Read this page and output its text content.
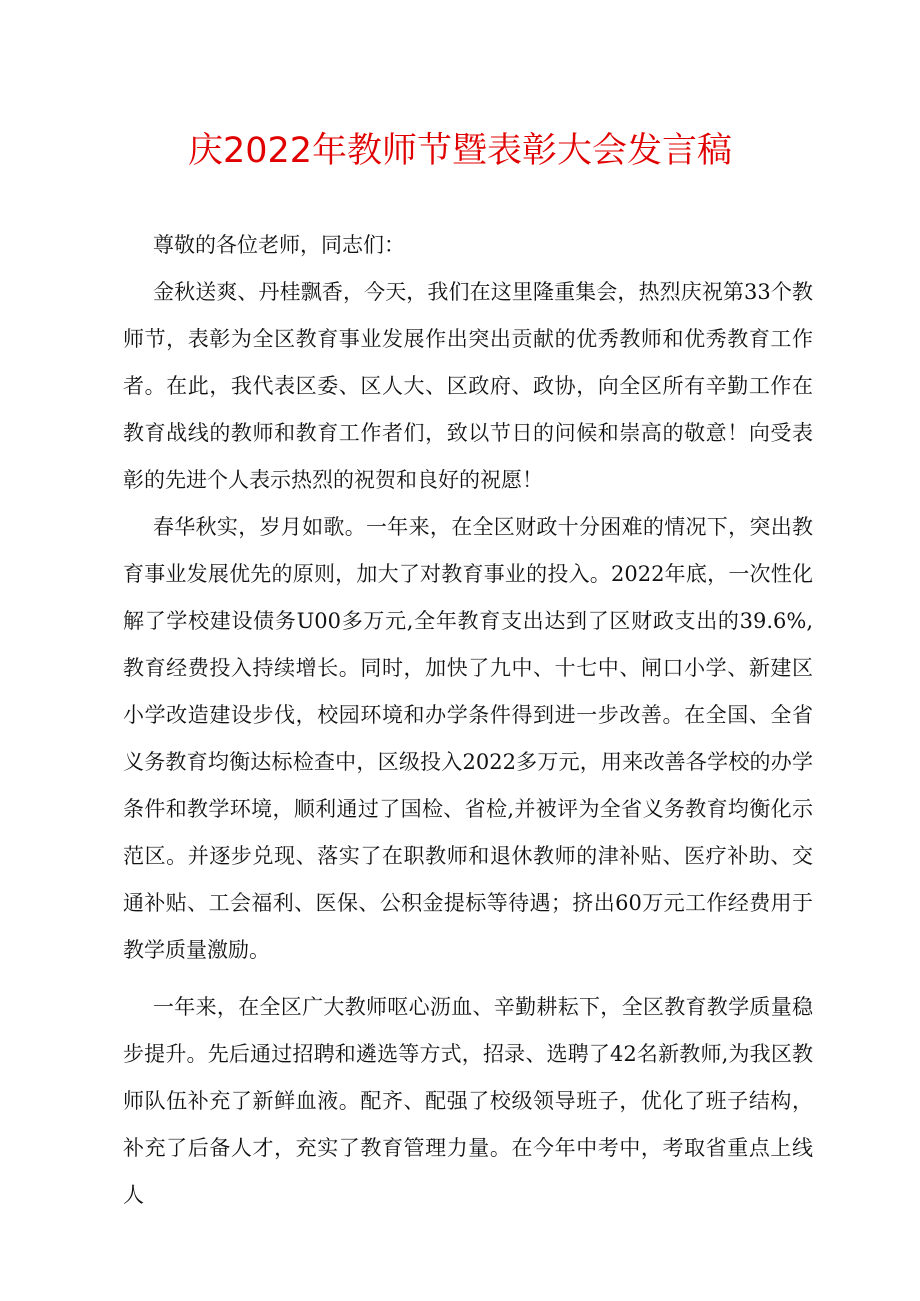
庆2022年教师节暨表彰大会发言稿

尊敬的各位老师，同志们：

金秋送爽、丹桂飘香，今天，我们在这里隆重集会，热烈庆祝第33个教师节，表彰为全区教育事业发展作出突出贡献的优秀教师和优秀教育工作者。在此，我代表区委、区人大、区政府、政协，向全区所有辛勤工作在教育战线的教师和教育工作者们，致以节日的问候和崇高的敬意！向受表彰的先进个人表示热烈的祝贺和良好的祝愿！

春华秋实，岁月如歌。一年来，在全区财政十分困难的情况下，突出教育事业发展优先的原则，加大了对教育事业的投入。2022年底，一次性化解了学校建设债务U00多万元,全年教育支出达到了区财政支出的39.6%,教育经费投入持续增长。同时，加快了九中、十七中、闸口小学、新建区小学改造建设步伐，校园环境和办学条件得到进一步改善。在全国、全省义务教育均衡达标检查中，区级投入2022多万元，用来改善各学校的办学条件和教学环境，顺利通过了国检、省检,并被评为全省义务教育均衡化示范区。并逐步兑现、落实了在职教师和退休教师的津补贴、医疗补助、交通补贴、工会福利、医保、公积金提标等待遇；挤出60万元工作经费用于教学质量激励。

一年来，在全区广大教师呕心沥血、辛勤耕耘下，全区教育教学质量稳步提升。先后通过招聘和遴选等方式，招录、选聘了42名新教师,为我区教师队伍补充了新鲜血液。配齐、配强了校级领导班子，优化了班子结构，补充了后备人才，充实了教育管理力量。在今年中考中，考取省重点上线人
